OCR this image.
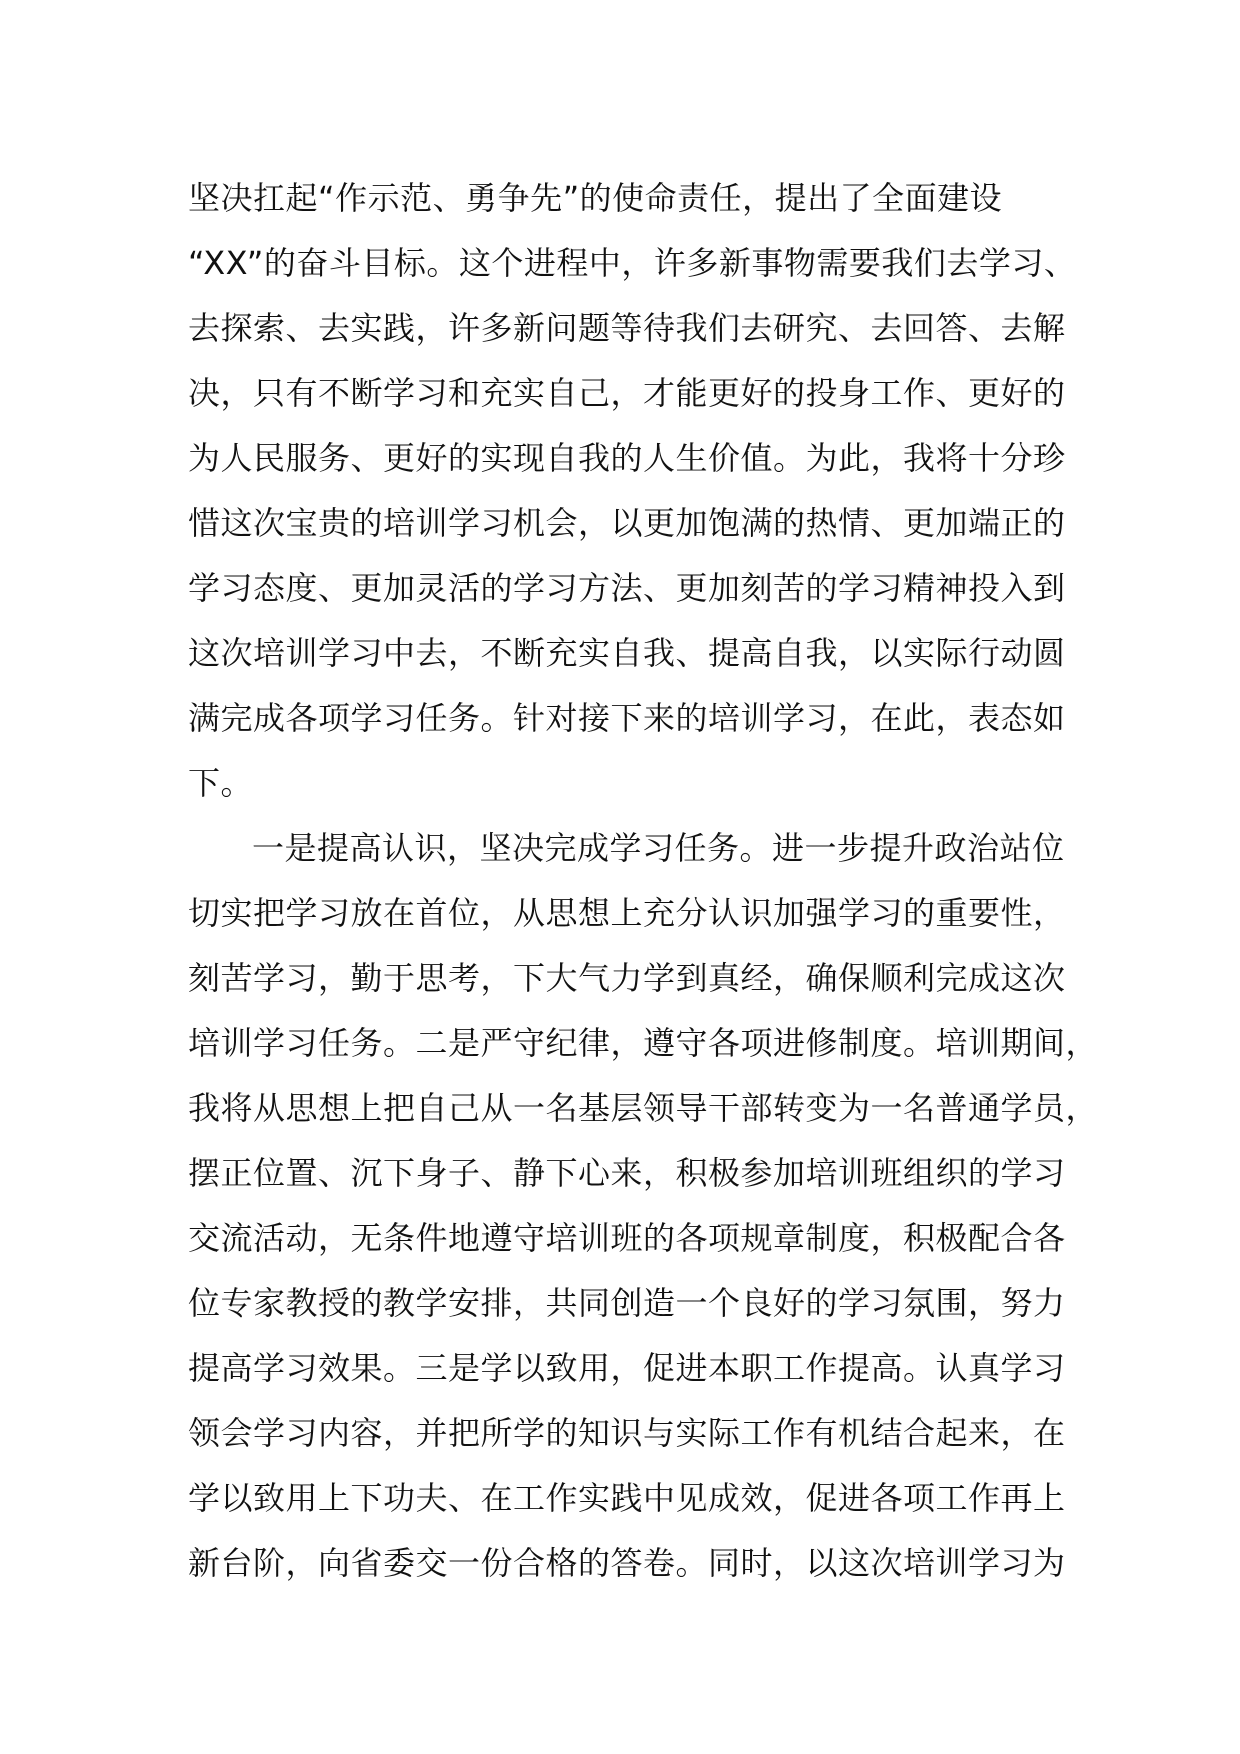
坚决扛起“作示范、勇争先”的使命责任，提出了全面建设
“XX”的奋斗目标。这个进程中，许多新事物需要我们去学习、
去探索、去实践，许多新问题等待我们去研究、去回答、去解
决，只有不断学习和充实自己，才能更好的投身工作、更好的
为人民服务、更好的实现自我的人生价值。为此，我将十分珍
惜这次宝贵的培训学习机会，以更加饱满的热情、更加端正的
学习态度、更加灵活的学习方法、更加刻苦的学习精神投入到
这次培训学习中去，不断充实自我、提高自我，以实际行动圆
满完成各项学习任务。针对接下来的培训学习，在此，表态如
下。
一是提高认识，坚决完成学习任务。进一步提升政治站位
切实把学习放在首位，从思想上充分认识加强学习的重要性，
刻苦学习，勤于思考，下大气力学到真经，确保顺利完成这次
培训学习任务。二是严守纪律，遵守各项进修制度。培训期间，
我将从思想上把自己从一名基层领导干部转变为一名普通学员，
摆正位置、沉下身子、静下心来，积极参加培训班组织的学习
交流活动，无条件地遵守培训班的各项规章制度，积极配合各
位专家教授的教学安排，共同创造一个良好的学习氛围，努力
提高学习效果。三是学以致用，促进本职工作提高。认真学习
领会学习内容，并把所学的知识与实际工作有机结合起来，在
学以致用上下功夫、在工作实践中见成效，促进各项工作再上
新台阶，向省委交一份合格的答卷。同时，以这次培训学习为
